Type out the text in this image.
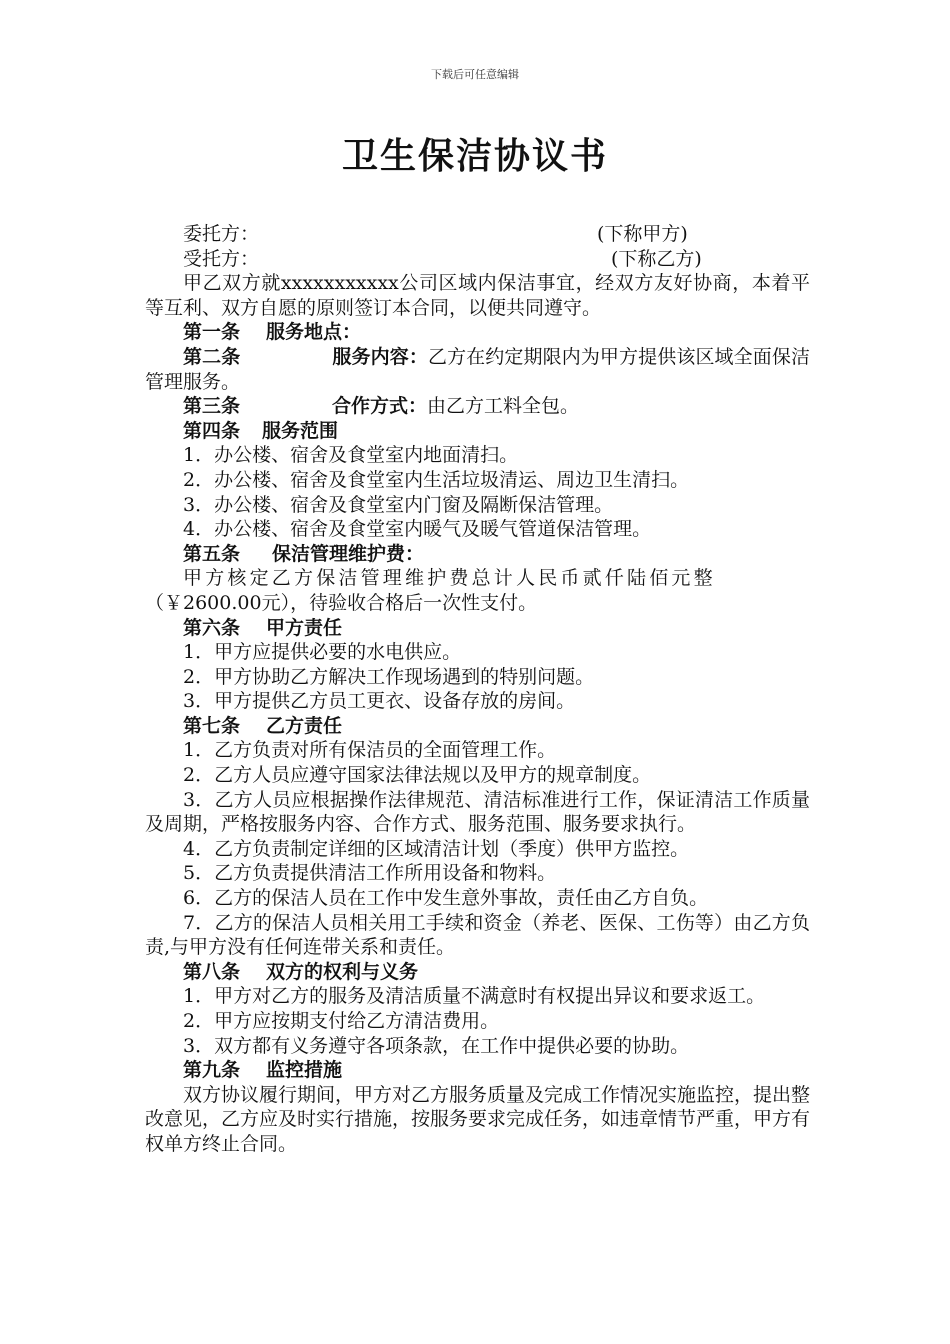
下载后可任意编辑
卫生保洁协议书
委托方：	(下称甲方)
受托方：	(下称乙方)

甲乙双方就xxxxxxxxxxx公司区域内保洁事宜，经双方友好协商，本着平等互利、双方自愿的原则签订本合同，以便共同遵守。

第一条 服务地点：

第二条	服务内容：乙方在约定期限内为甲方提供该区域全面保洁管理服务。

第三条	合作方式：由乙方工料全包。

第四条 服务范围

1．办公楼、宿舍及食堂室内地面清扫。

2．办公楼、宿舍及食堂室内生活垃圾清运、周边卫生清扫。

3．办公楼、宿舍及食堂室内门窗及隔断保洁管理。

4．办公楼、宿舍及食堂室内暖气及暖气管道保洁管理。

第五条 保洁管理维护费：

甲方核定乙方保洁管理维护费总计人民币贰仟陆佰元整

（￥2600.00元），待验收合格后一次性支付。

第六条 甲方责任

1．甲方应提供必要的水电供应。

2．甲方协助乙方解决工作现场遇到的特别问题。

3．甲方提供乙方员工更衣、设备存放的房间。

第七条 乙方责任

1．乙方负责对所有保洁员的全面管理工作。

2．乙方人员应遵守国家法律法规以及甲方的规章制度。

3．乙方人员应根据操作法律规范、清洁标准进行工作，保证清洁工作质量及周期，严格按服务内容、合作方式、服务范围、服务要求执行。

4．乙方负责制定详细的区域清洁计划（季度）供甲方监控。

5．乙方负责提供清洁工作所用设备和物料。

6．乙方的保洁人员在工作中发生意外事故，责任由乙方自负。

7．乙方的保洁人员相关用工手续和资金（养老、医保、工伤等）由乙方负责,与甲方没有任何连带关系和责任。

第八条 双方的权利与义务

1．甲方对乙方的服务及清洁质量不满意时有权提出异议和要求返工。

2．甲方应按期支付给乙方清洁费用。

3．双方都有义务遵守各项条款，在工作中提供必要的协助。

第九条 监控措施

双方协议履行期间，甲方对乙方服务质量及完成工作情况实施监控，提出整改意见，乙方应及时实行措施，按服务要求完成任务，如违章情节严重，甲方有权单方终止合同。
